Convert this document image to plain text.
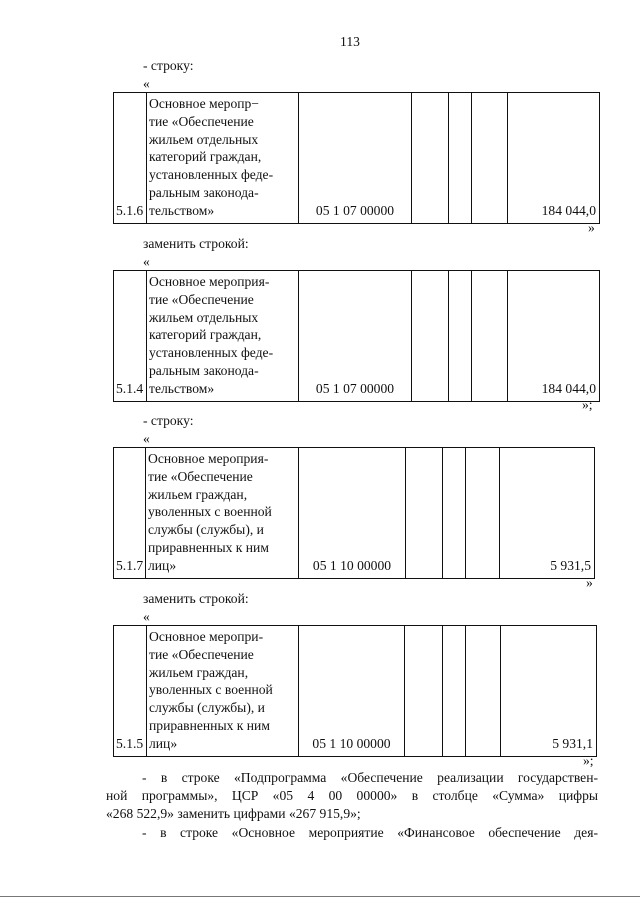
113
- строку:
«
5.1.6	
Основное меропр−
тие «Обеспечение
жильем отдельных
категорий граждан,
установленных феде-
ральным законода-
тельством»	05 1 07 00000				184 044,0
»
заменить строкой:
«
5.1.4	
Основное мероприя-
тие «Обеспечение
жильем отдельных
категорий граждан,
установленных феде-
ральным законода-
тельством»	05 1 07 00000				184 044,0
»;
- строку:
«
5.1.7	
Основное мероприя-
тие «Обеспечение
жильем граждан,
уволенных с военной
службы (службы), и
приравненных к ним
лиц»	05 1 10 00000				5 931,5
»
заменить строкой:
«
5.1.5	
Основное меропри-
тие «Обеспечение
жильем граждан,
уволенных с военной
службы (службы), и
приравненных к ним
лиц»	05 1 10 00000				5 931,1
»;
- в строке «Подпрограмма «Обеспечение реализации государствен-
ной программы», ЦСР «05 4 00 00000» в столбце «Сумма» цифры
«268 522,9» заменить цифрами «267 915,9»;
- в строке «Основное мероприятие «Финансовое обеспечение дея-
